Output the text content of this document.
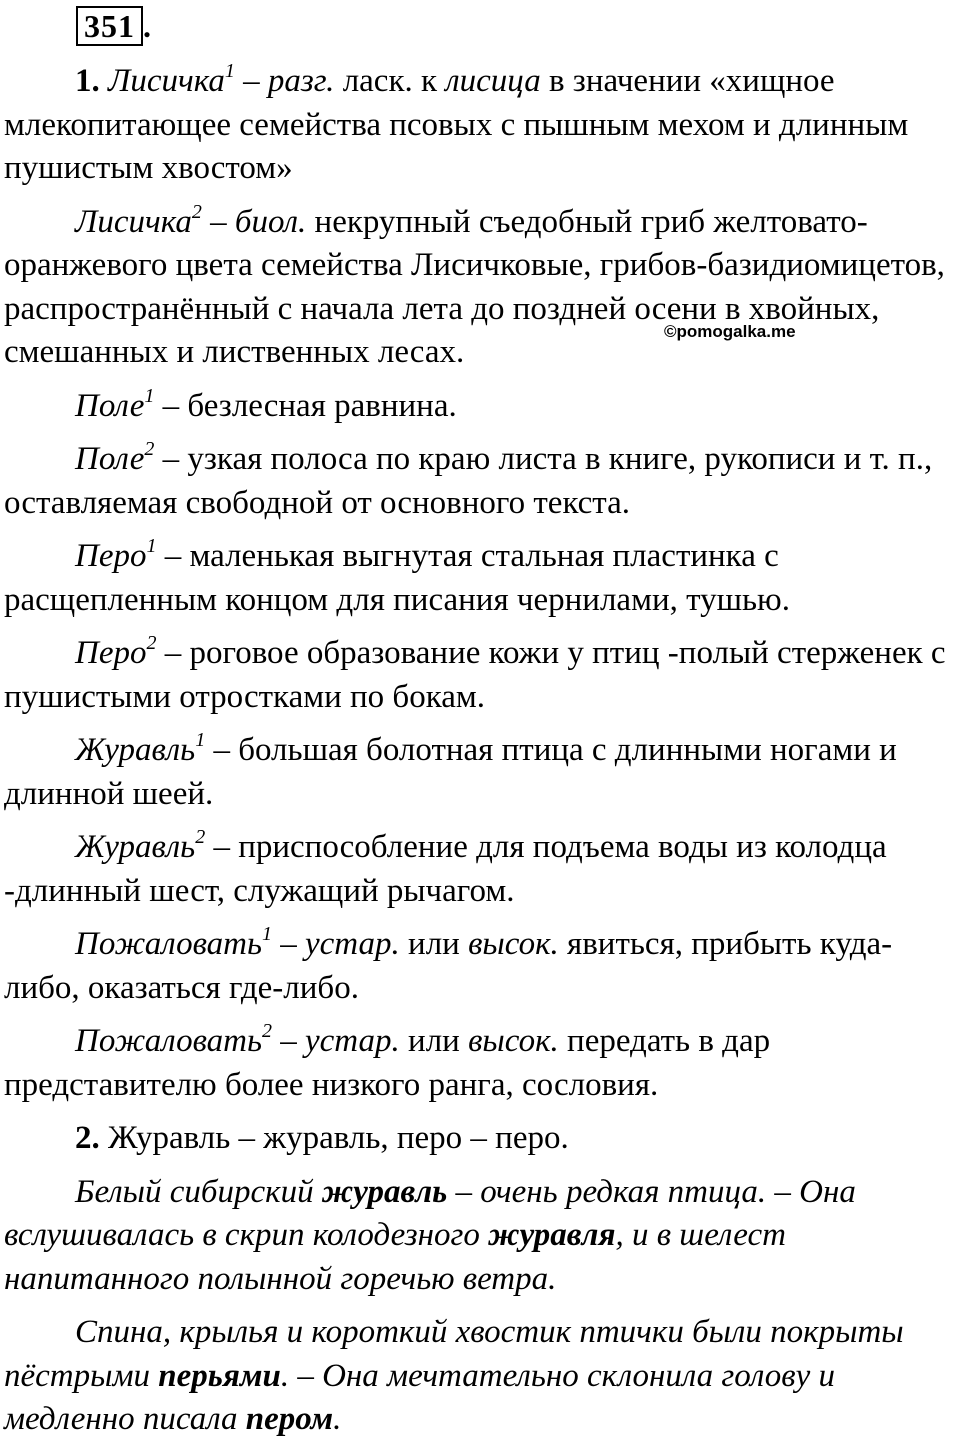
351 .
©pomogalka.me

1. Лисичка$^1$ – разг. ласк. к лисица в значении «хищное млекопитающее семейства псовых с пышным мехом и длинным пушистым хвостом»

Лисичка$^2$ – биол. некрупный съедобный гриб желтовато-оранжевого цвета семейства Лисичковые, грибов-базидиомицетов, распространённый с начала лета до поздней осени в хвойных, смешанных и лиственных лесах.

Поле$^1$ – безлесная равнина.

Поле$^2$ – узкая полоса по краю листа в книге, рукописи и т. п., оставляемая свободной от основного текста.

Перо$^1$ – маленькая выгнутая стальная пластинка с расщепленным концом для писания чернилами, тушью.

Перо$^2$ – роговое образование кожи у птиц -полый стерженек с пушистыми отростками по бокам.

Журавль$^1$ – большая болотная птица с длинными ногами и длинной шеей.

Журавль$^2$ – приспособление для подъема воды из колодца -длинный шест, служащий рычагом.

Пожаловать$^1$ – устар. или высок. явиться, прибыть куда-либо, оказаться где-либо.

Пожаловать$^2$ – устар. или высок. передать в дар представителю более низкого ранга, сословия.

2. Журавль – журавль, перо – перо.

Белый сибирский журавль – очень редкая птица. – Она вслушивалась в скрип колодезного журавля, и в шелест напитанного полынной горечью ветра.

Спина, крылья и короткий хвостик птички были покрыты пёстрыми перьями. – Она мечтательно склонила голову и медленно писала пером.
